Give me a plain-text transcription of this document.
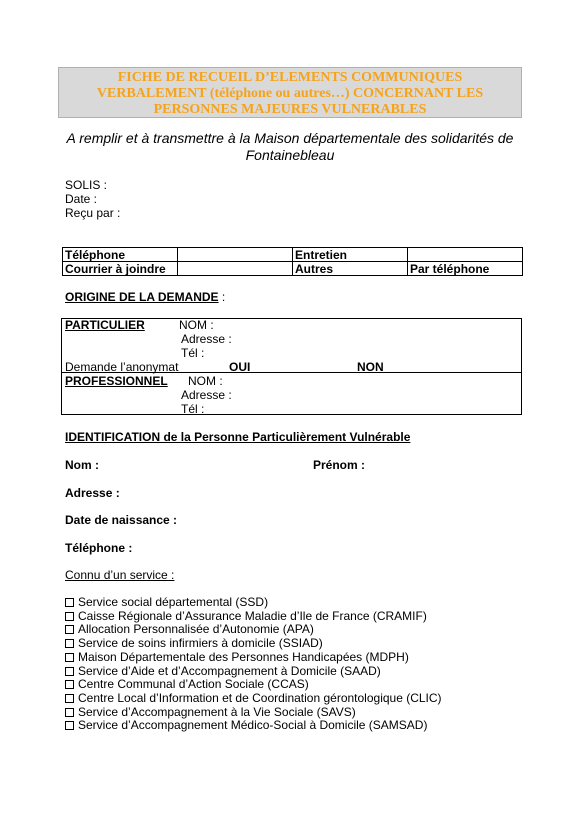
FICHE DE RECUEIL D’ELEMENTS COMMUNIQUES
VERBALEMENT (téléphone ou autres…) CONCERNANT LES
PERSONNES MAJEURES VULNERABLES
A remplir et à transmettre à la Maison départementale des solidarités de
Fontainebleau
SOLIS :
Date :
Reçu par :
Téléphone		Entretien	
Courrier à joindre		Autres	Par téléphone
ORIGINE DE LA DEMANDE :
PARTICULIER	NOM :
Adresse :
Tél :
Demande l’anonymat	OUI	NON
PROFESSIONNEL NOM :
Adresse :
Tél :
IDENTIFICATION de la Personne Particulièrement Vulnérable
Nom :	Prénom :
Adresse :
Date de naissance :
Téléphone :
Connu d’un service :
Service social départemental (SSD)
Caisse Régionale d’Assurance Maladie d’Ile de France (CRAMIF)
Allocation Personnalisée d’Autonomie (APA)
Service de soins infirmiers à domicile (SSIAD)
Maison Départementale des Personnes Handicapées (MDPH)
Service d’Aide et d’Accompagnement à Domicile (SAAD)
Centre Communal d’Action Sociale (CCAS)
Centre Local d’Information et de Coordination gérontologique (CLIC)
Service d’Accompagnement à la Vie Sociale (SAVS)
Service d’Accompagnement Médico-Social à Domicile (SAMSAD)
